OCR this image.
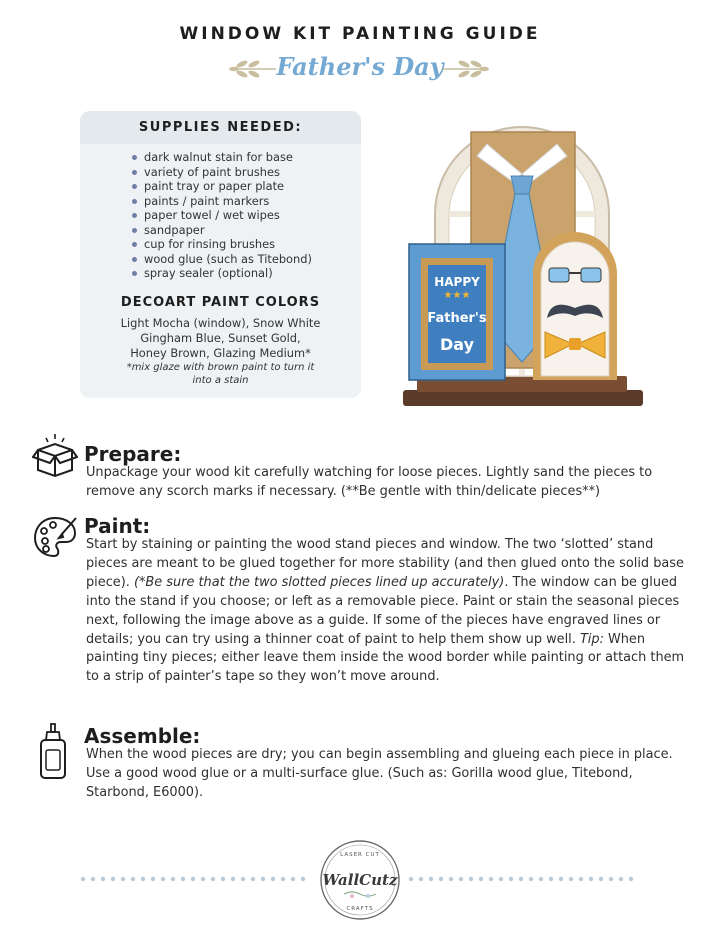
WINDOW KIT PAINTING GUIDE
Father's Day
SUPPLIES NEEDED:
dark walnut stain for base
variety of paint brushes
paint tray or paper plate
paints / paint markers
paper towel / wet wipes
sandpaper
cup for rinsing brushes
wood glue (such as Titebond)
spray sealer (optional)
DECOART PAINT COLORS
Light Mocha (window), Snow White
Gingham Blue, Sunset Gold,
Honey Brown, Glazing Medium*
*mix glaze with brown paint to turn it into a stain
HAPPY
★★★
Father's
Day
Prepare:
Unpackage your wood kit carefully watching for loose pieces. Lightly sand the pieces to remove any scorch marks if necessary. (**Be gentle with thin/delicate pieces**)
Paint:
Start by staining or painting the wood stand pieces and window. The two ‘slotted’ stand pieces are meant to be glued together for more stability (and then glued onto the solid base piece). (*Be sure that the two slotted pieces lined up accurately). The window can be glued into the stand if you choose; or left as a removable piece. Paint or stain the seasonal pieces next, following the image above as a guide. If some of the pieces have engraved lines or details; you can try using a thinner coat of paint to help them show up well. Tip: When painting tiny pieces; either leave them inside the wood border while painting or attach them to a strip of painter’s tape so they won’t move around.
Assemble:
When the wood pieces are dry; you can begin assembling and glueing each piece in place. Use a good wood glue or a multi-surface glue. (Such as: Gorilla wood glue, Titebond, Starbond, E6000).
LASER CUT
WallCutz
CRAFTS
